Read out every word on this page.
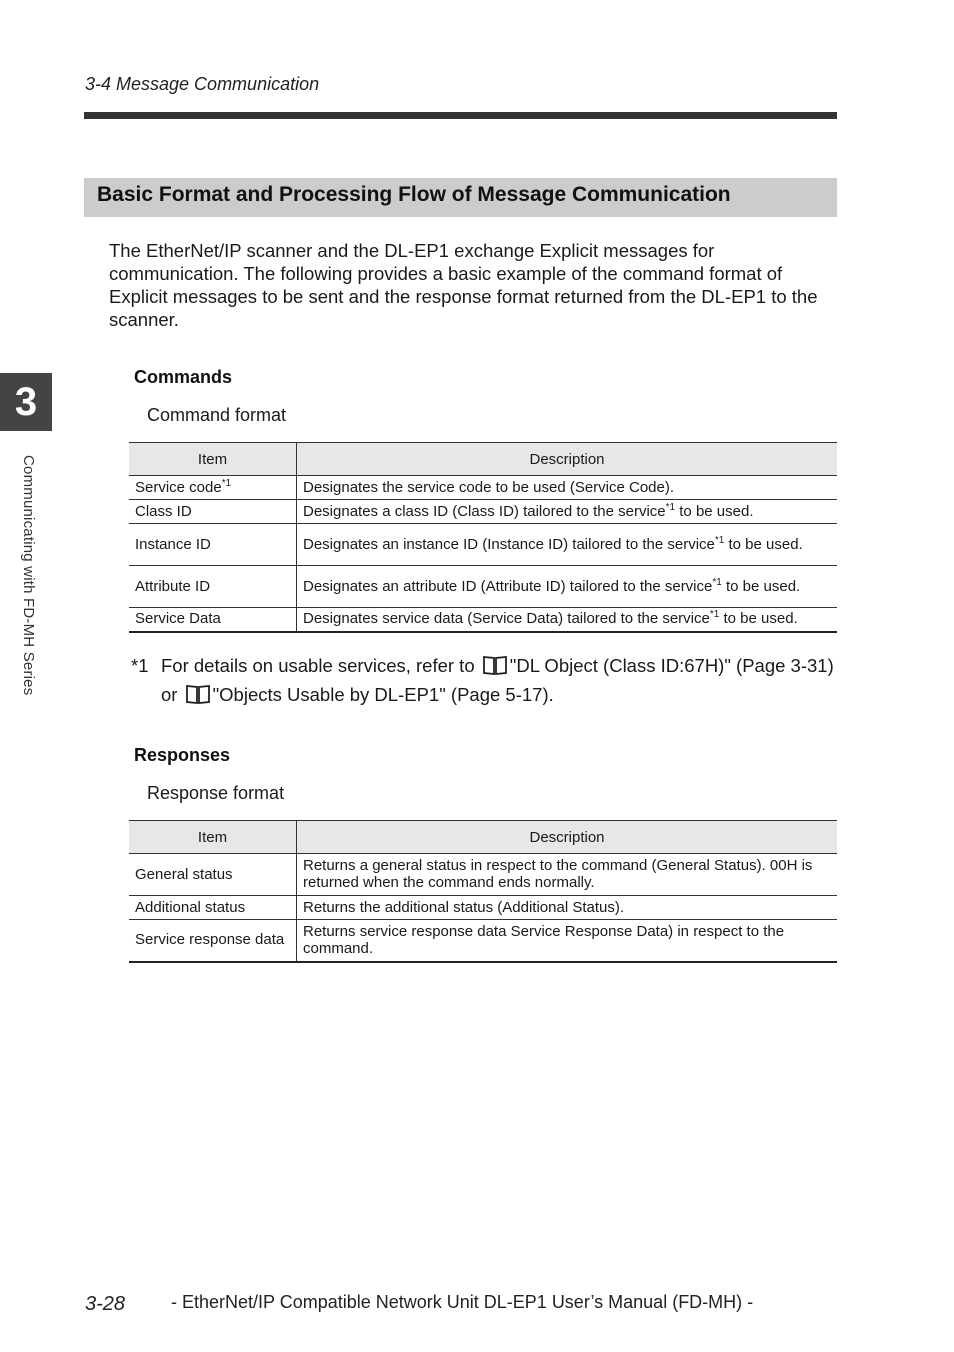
3-4 Message Communication
3
Communicating with FD-MH Series
Basic Format and Processing Flow of Message Communication

The EtherNet/IP scanner and the DL-EP1 exchange Explicit messages for communication. The following provides a basic example of the command format of Explicit messages to be sent and the response format returned from the DL-EP1 to the scanner.

Commands
Command format
Item	Description
Service code$^{*1}$	Designates the service code to be used (Service Code).
Class ID	Designates a class ID (Class ID) tailored to the service$^{*1}$ to be used.
Instance ID	Designates an instance ID (Instance ID) tailored to the service$^{*1}$ to be used.
Attribute ID	Designates an attribute ID (Attribute ID) tailored to the service$^{*1}$ to be used.
Service Data	Designates service data (Service Data) tailored to the service$^{*1}$ to be used.
*1 For details on usable services, refer to "DL Object (Class ID:67H)" (Page 3-31) or "Objects Usable by DL-EP1" (Page 5-17).
Responses
Response format
Item	Description
General status	Returns a general status in respect to the command (General Status). 00H is returned when the command ends normally.
Additional status	Returns the additional status (Additional Status).
Service response data	Returns service response data Service Response Data) in respect to the command.
3-28	- EtherNet/IP Compatible Network Unit DL-EP1 User’s Manual (FD-MH) -
